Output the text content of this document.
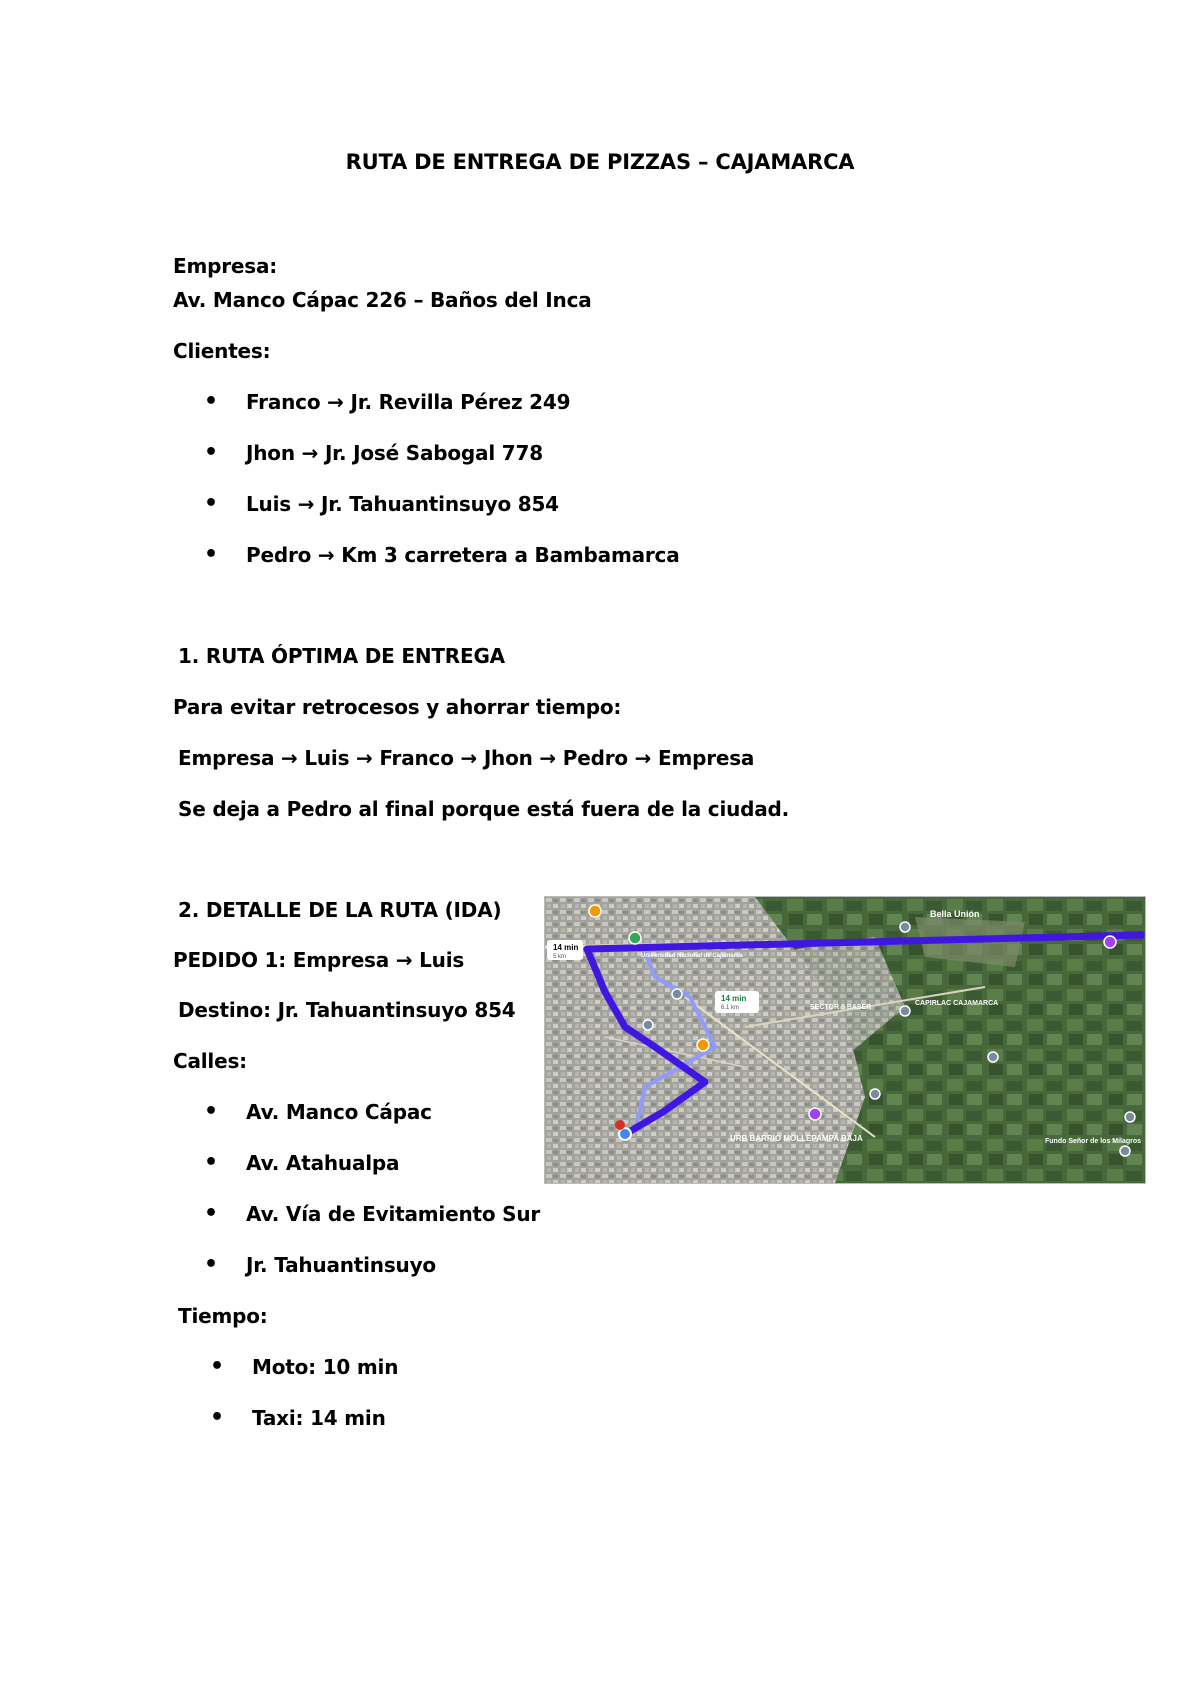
RUTA DE ENTREGA DE PIZZAS – CAJAMARCA
Empresa:
Av. Manco Cápac 226 – Baños del Inca
Clientes:
• Franco → Jr. Revilla Pérez 249
• Jhon → Jr. José Sabogal 778
• Luis → Jr. Tahuantinsuyo 854
• Pedro → Km 3 carretera a Bambamarca
1. RUTA ÓPTIMA DE ENTREGA
Para evitar retrocesos y ahorrar tiempo:
Empresa → Luis → Franco → Jhon → Pedro → Empresa
Se deja a Pedro al final porque está fuera de la ciudad.
2. DETALLE DE LA RUTA (IDA)
PEDIDO 1: Empresa → Luis
Destino: Jr. Tahuantinsuyo 854
Calles:
• Av. Manco Cápac
• Av. Atahualpa
• Av. Vía de Evitamiento Sur
• Jr. Tahuantinsuyo
Tiempo:
• Moto: 10 min
• Taxi: 14 min
14 min
5 km
14 min
6.1 km
Bella Unión
CAPIRLAC CAJAMARCA
SECTOR 8 BASER
URB BARRIO MOLLEPAMPA BAJA	Fundo Señor de los Milagros
Universidad Nacional de Cajamarca
